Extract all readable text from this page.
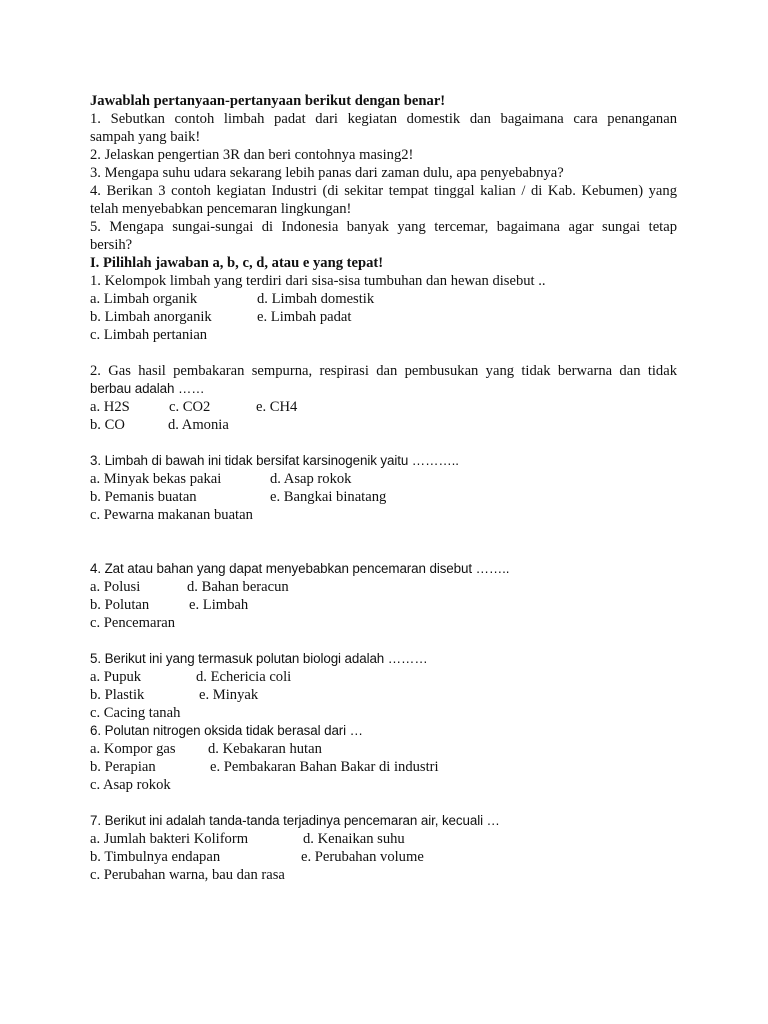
Jawablah pertanyaan-pertanyaan berikut dengan benar!
1. Sebutkan contoh limbah padat dari kegiatan domestik dan bagaimana cara penanganan
sampah yang baik!
2. Jelaskan pengertian 3R dan beri contohnya masing2!
3. Mengapa suhu udara sekarang lebih panas dari zaman dulu, apa penyebabnya?
4. Berikan 3 contoh kegiatan Industri (di sekitar tempat tinggal kalian / di Kab. Kebumen) yang
telah menyebabkan pencemaran lingkungan!
5. Mengapa sungai-sungai di Indonesia banyak yang tercemar, bagaimana agar sungai tetap
bersih?
I. Pilihlah jawaban a, b, c, d, atau e yang tepat!
1. Kelompok limbah yang terdiri dari sisa-sisa tumbuhan dan hewan disebut ..
a. Limbah organik	d. Limbah domestik
b. Limbah anorganik	e. Limbah padat
c. Limbah pertanian
2. Gas hasil pembakaran sempurna, respirasi dan pembusukan yang tidak berwarna dan tidak
berbau adalah ……
a. H2S	c. CO2	e. CH4
b. CO	d. Amonia
3. Limbah di bawah ini tidak bersifat karsinogenik yaitu ………..
a. Minyak bekas pakai	d. Asap rokok
b. Pemanis buatan	e. Bangkai binatang
c. Pewarna makanan buatan
4. Zat atau bahan yang dapat menyebabkan pencemaran disebut ……..
a. Polusi	d. Bahan beracun
b. Polutan	e. Limbah
c. Pencemaran
5. Berikut ini yang termasuk polutan biologi adalah ………
a. Pupuk	d. Echericia coli
b. Plastik	e. Minyak
c. Cacing tanah
6. Polutan nitrogen oksida tidak berasal dari …
a. Kompor gas d. Kebakaran hutan
b. Perapian	e. Pembakaran Bahan Bakar di industri
c. Asap rokok
7. Berikut ini adalah tanda-tanda terjadinya pencemaran air, kecuali …
a. Jumlah bakteri Koliform	d. Kenaikan suhu
b. Timbulnya endapan	e. Perubahan volume
c. Perubahan warna, bau dan rasa
